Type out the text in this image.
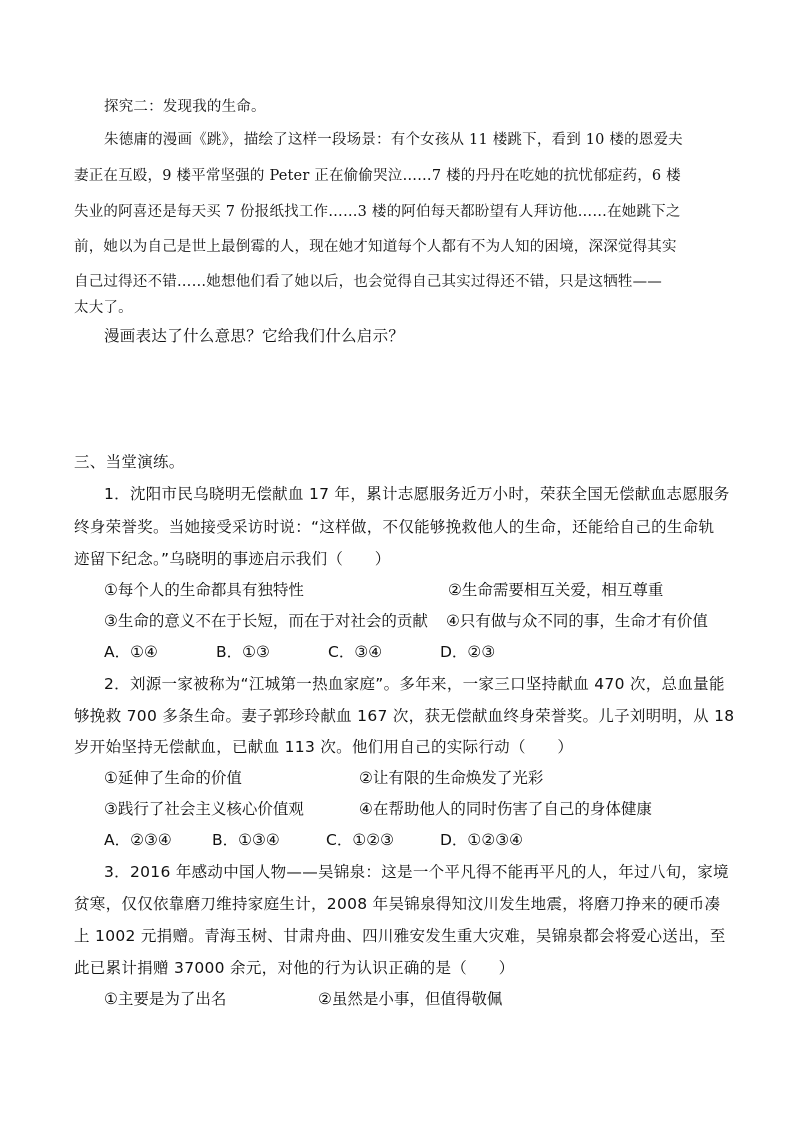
探究二：发现我的生命。
朱德庸的漫画《跳》，描绘了这样一段场景：有个女孩从 11 楼跳下，看到 10 楼的恩爱夫
妻正在互殴，9 楼平常坚强的 Peter 正在偷偷哭泣……7 楼的丹丹在吃她的抗忧郁症药，6 楼
失业的阿喜还是每天买 7 份报纸找工作……3 楼的阿伯每天都盼望有人拜访他……在她跳下之
前，她以为自己是世上最倒霉的人，现在她才知道每个人都有不为人知的困境，深深觉得其实
自己过得还不错……她想他们看了她以后，也会觉得自己其实过得还不错，只是这牺牲——
太大了。
漫画表达了什么意思？它给我们什么启示？
三、当堂演练。
1．沈阳市民乌晓明无偿献血 17 年，累计志愿服务近万小时，荣获全国无偿献血志愿服务
终身荣誉奖。当她接受采访时说：“这样做，不仅能够挽救他人的生命，还能给自己的生命轨
迹留下纪念。”乌晓明的事迹启示我们（　　）
①每个人的生命都具有独特性	②生命需要相互关爱，相互尊重
③生命的意义不在于长短，而在于对社会的贡献 ④只有做与众不同的事，生命才有价值
A．①④	B．①③	C．③④	D．②③
2．刘源一家被称为“江城第一热血家庭”。多年来，一家三口坚持献血 470 次，总血量能
够挽救 700 多条生命。妻子郭珍玲献血 167 次，获无偿献血终身荣誉奖。儿子刘明明，从 18
岁开始坚持无偿献血，已献血 113 次。他们用自己的实际行动（　　）
①延伸了生命的价值	②让有限的生命焕发了光彩
③践行了社会主义核心价值观	④在帮助他人的同时伤害了自己的身体健康
A．②③④	B．①③④	C．①②③	D．①②③④
3．2016 年感动中国人物——吴锦泉：这是一个平凡得不能再平凡的人，年过八旬，家境
贫寒，仅仅依靠磨刀维持家庭生计，2008 年吴锦泉得知汶川发生地震，将磨刀挣来的硬币凑
上 1002 元捐赠。青海玉树、甘肃舟曲、四川雅安发生重大灾难，吴锦泉都会将爱心送出，至
此已累计捐赠 37000 余元，对他的行为认识正确的是（　　）
①主要是为了出名	②虽然是小事，但值得敬佩
